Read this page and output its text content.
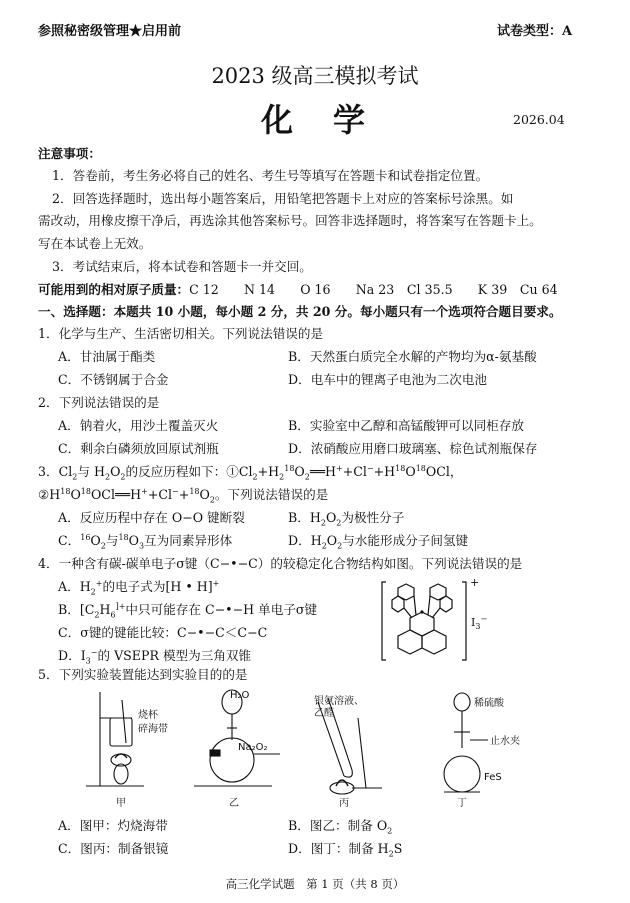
参照秘密级管理★启用前	试卷类型：A
2023 级高三模拟考试
化　学	2026.04
注意事项：
1．答卷前，考生务必将自己的姓名、考生号等填写在答题卡和试卷指定位置。
2．回答选择题时，选出每小题答案后，用铅笔把答题卡上对应的答案标号涂黑。如
需改动，用橡皮擦干净后，再选涂其他答案标号。回答非选择题时，将答案写在答题卡上。
写在本试卷上无效。
3．考试结束后，将本试卷和答题卡一并交回。
可能用到的相对原子质量：C 12　　N 14　　O 16　　Na 23　Cl 35.5　　K 39　Cu 64
一、选择题：本题共 10 小题，每小题 2 分，共 20 分。每小题只有一个选项符合题目要求。
1．化学与生产、生活密切相关。下列说法错误的是
A．甘油属于酯类	B．天然蛋白质完全水解的产物均为α-氨基酸
C．不锈钢属于合金	D．电车中的锂离子电池为二次电池
2．下列说法错误的是
A．钠着火，用沙土覆盖灭火	B．实验室中乙醇和高锰酸钾可以同柜存放
C．剩余白磷须放回原试剂瓶	D．浓硝酸应用磨口玻璃塞、棕色试剂瓶保存
3．$Cl_2$与 $H_2O_2$的反应历程如下：$①Cl_2+H_2^{18}O_2══H^++Cl^-+H^{18}O^{18}OCl$，
$②H^{18}O^{18}OCl══H^++Cl^-+^{18}O_2$。下列说法错误的是
A．反应历程中存在 O−O 键断裂	B．$H_2O_2$为极性分子
C．$^{16}O_2$与$^{18}O_3$互为同素异形体	D．$H_2O_2$与水能形成分子间氢键
4．一种含有碳-碳单电子σ键（C−•−C）的较稳定化合物结构如图。下列说法错误的是
A．$H_2^+$的电子式为[H • H]+
B．[$C_2H_6^{]+}$中只可能存在 C−•−H 单电子σ键
C．σ键的键能比较：C−•−C＜C−C
D．$I_3^-$的 VSEPR 模型为三角双锥
+
$I_3^-$
5．下列实验装置能达到实验目的的是
烧杯
碎海带
H₂O
Na₂O₂
银氨溶液、
乙醛
稀硫酸
止水夹
FeS
甲	乙	丙	丁
A．图甲：灼烧海带	B．图乙：制备 $O_2$
C．图丙：制备银镜	D．图丁：制备 $H_2S$
高三化学试题　第 1 页（共 8 页）
